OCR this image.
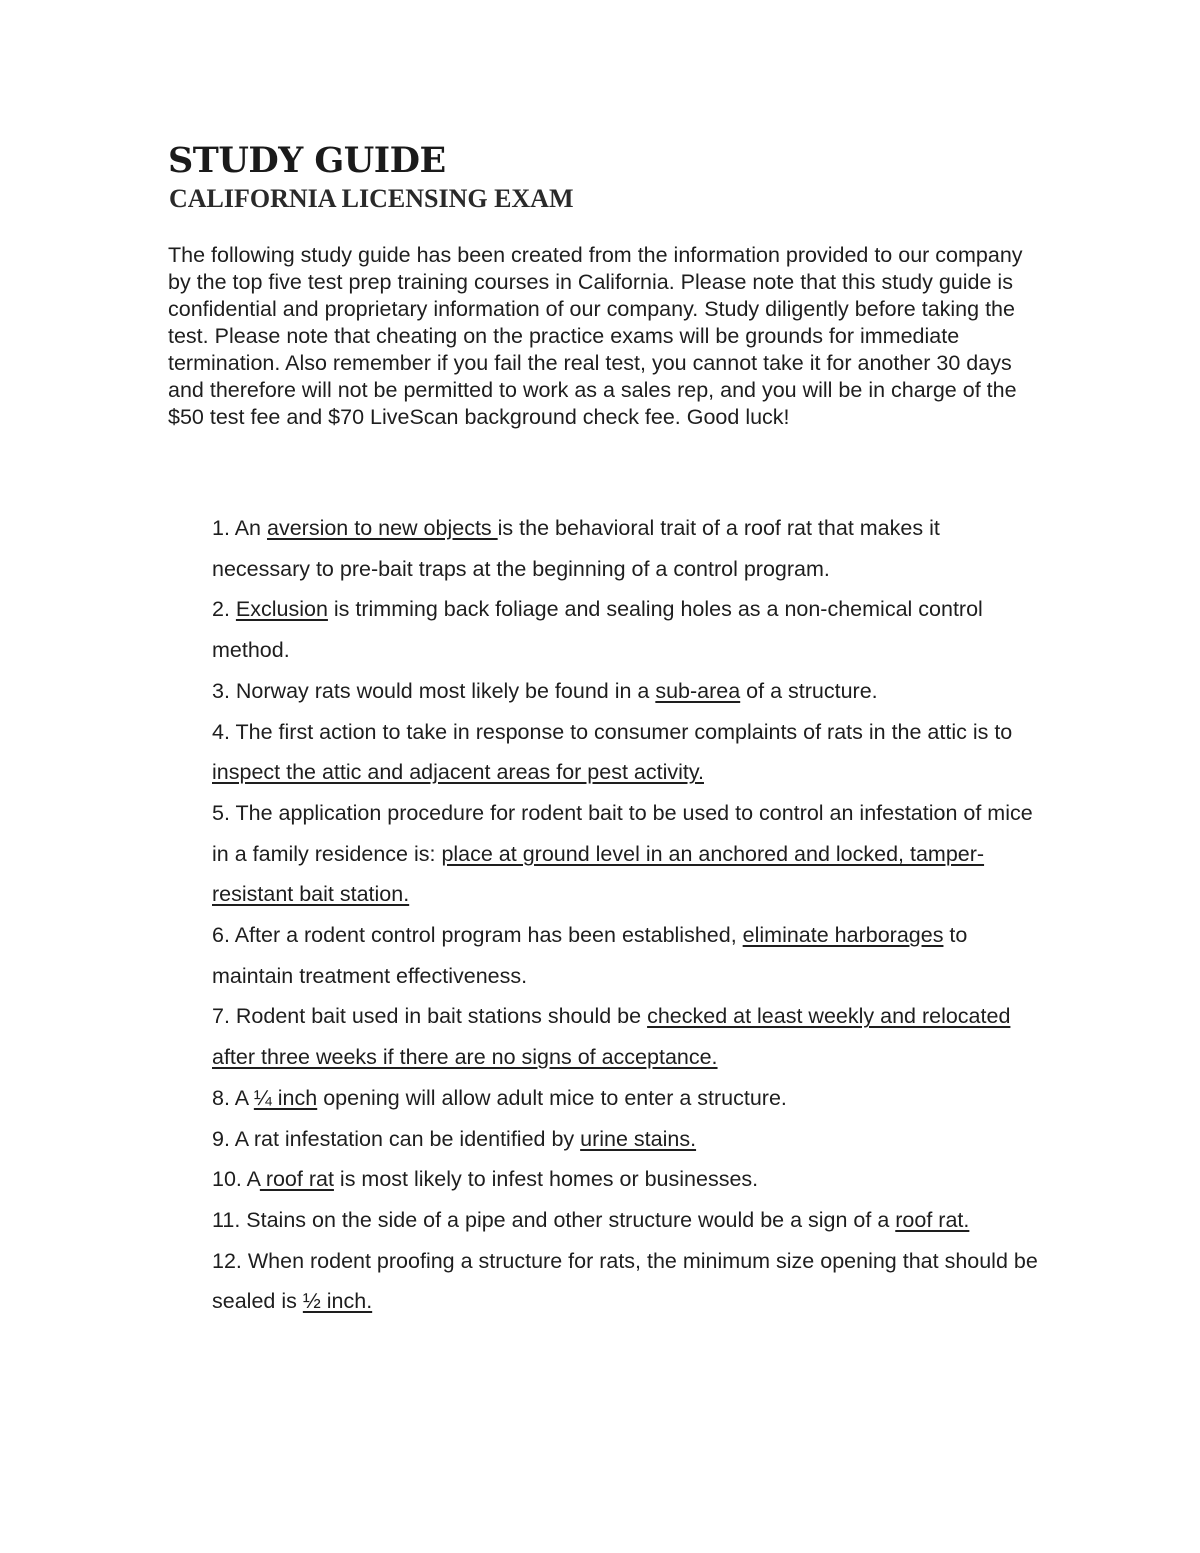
STUDY GUIDE
CALIFORNIA LICENSING EXAM

The following study guide has been created from the information provided to our company by the top five test prep training courses in California. Please note that this study guide is confidential and proprietary information of our company. Study diligently before taking the test. Please note that cheating on the practice exams will be grounds for immediate termination. Also remember if you fail the real test, you cannot take it for another 30 days and therefore will not be permitted to work as a sales rep, and you will be in charge of the $50 test fee and $70 LiveScan background check fee. Good luck!

1. An aversion to new objects is the behavioral trait of a roof rat that makes it necessary to pre-bait traps at the beginning of a control program.
2. Exclusion is trimming back foliage and sealing holes as a non-chemical control method.
3. Norway rats would most likely be found in a sub-area of a structure.
4. The first action to take in response to consumer complaints of rats in the attic is to inspect the attic and adjacent areas for pest activity.
5. The application procedure for rodent bait to be used to control an infestation of mice in a family residence is: place at ground level in an anchored and locked, tamper-resistant bait station.
6. After a rodent control program has been established, eliminate harborages to maintain treatment effectiveness.
7. Rodent bait used in bait stations should be checked at least weekly and relocated after three weeks if there are no signs of acceptance.
8. A ¼ inch opening will allow adult mice to enter a structure.
9. A rat infestation can be identified by urine stains.
10. A roof rat is most likely to infest homes or businesses.
11. Stains on the side of a pipe and other structure would be a sign of a roof rat.
12. When rodent proofing a structure for rats, the minimum size opening that should be sealed is ½ inch.
